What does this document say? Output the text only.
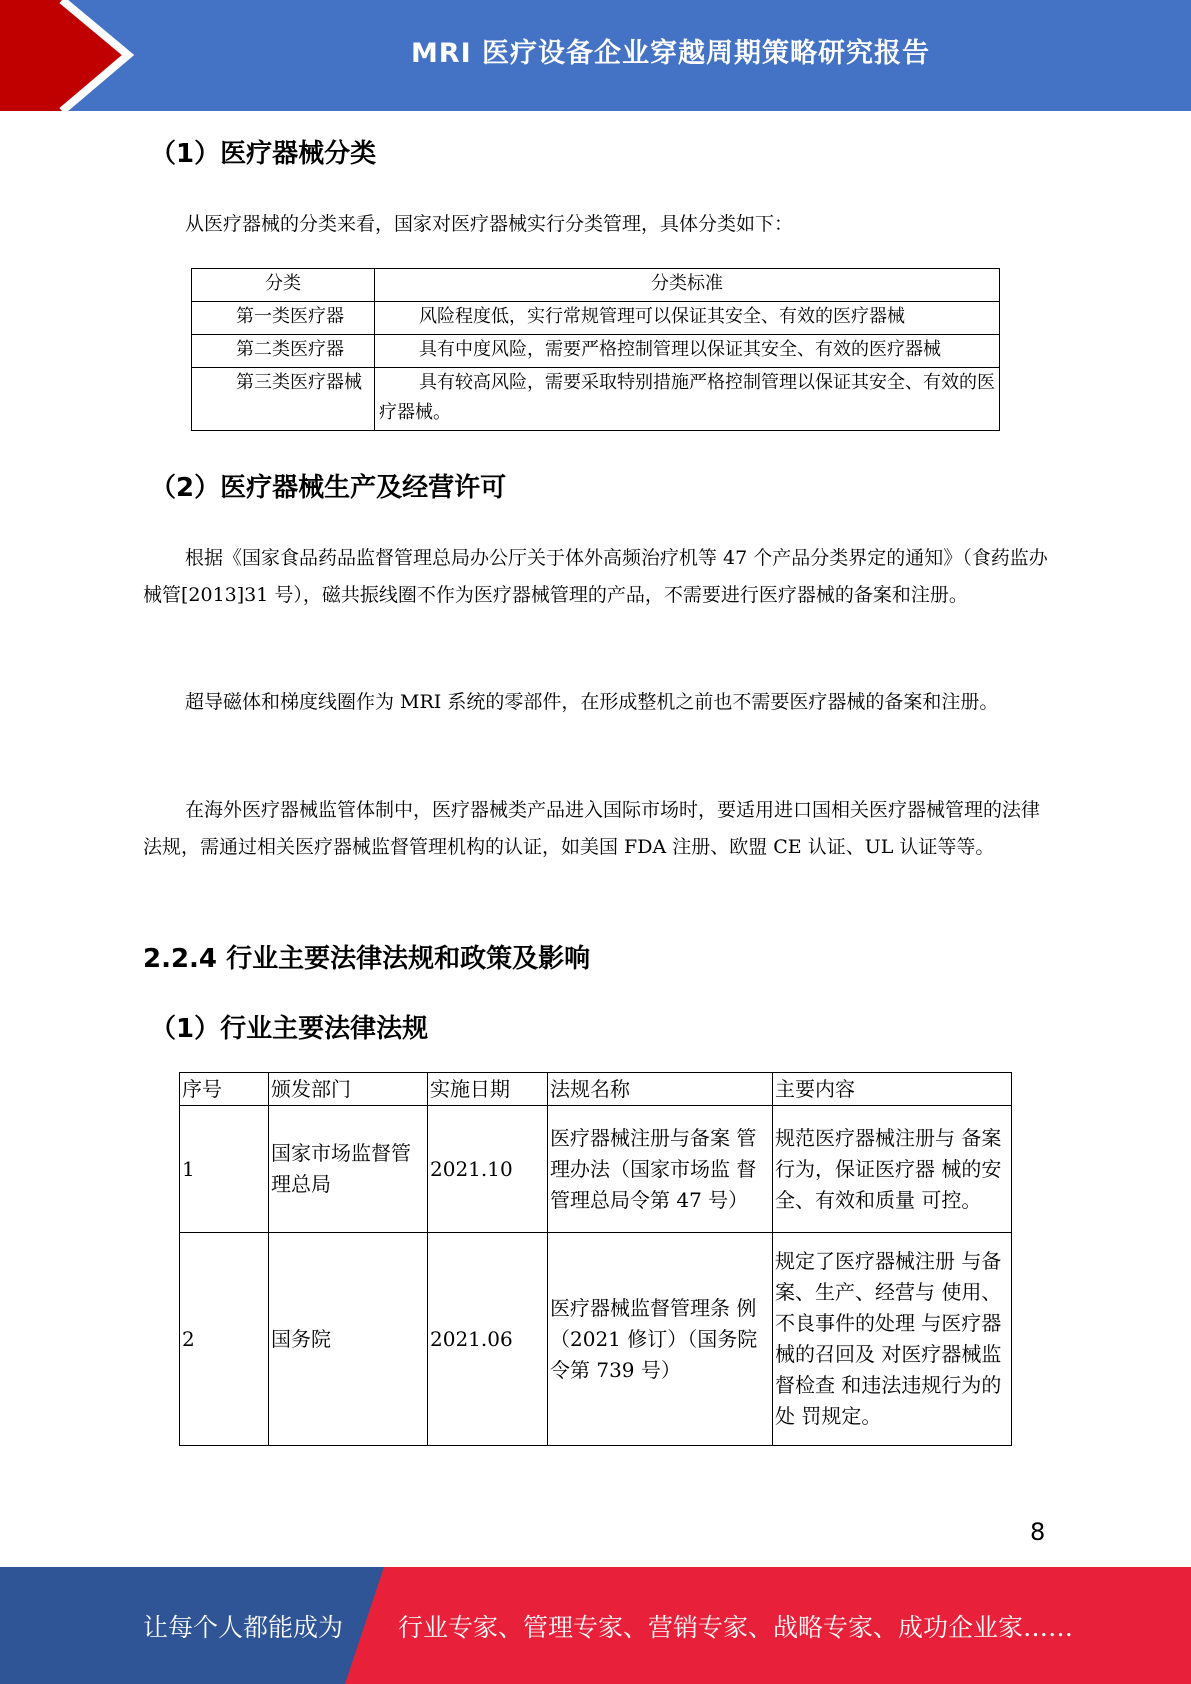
MRI 医疗设备企业穿越周期策略研究报告
（1）医疗器械分类
从医疗器械的分类来看，国家对医疗器械实行分类管理，具体分类如下：
分类	分类标准
第一类医疗器	风险程度低，实行常规管理可以保证其安全、有效的医疗器械
第二类医疗器	具有中度风险，需要严格控制管理以保证其安全、有效的医疗器械
第三类医疗器械	具有较高风险，需要采取特别措施严格控制管理以保证其安全、有效的医疗器械。
（2）医疗器械生产及经营许可
根据《国家食品药品监督管理总局办公厅关于体外高频治疗机等 47 个产品分类界定的通知》（食药监办械管[2013]31 号），磁共振线圈不作为医疗器械管理的产品，不需要进行医疗器械的备案和注册。
超导磁体和梯度线圈作为 MRI 系统的零部件，在形成整机之前也不需要医疗器械的备案和注册。
在海外医疗器械监管体制中，医疗器械类产品进入国际市场时，要适用进口国相关医疗器械管理的法律法规，需通过相关医疗器械监督管理机构的认证，如美国 FDA 注册、欧盟 CE 认证、UL 认证等等。
2.2.4 行业主要法律法规和政策及影响
（1）行业主要法律法规
序号	颁发部门	实施日期	法规名称	主要内容
1	国家市场监督管理总局	2021.10	医疗器械注册与备案 管理办法（国家市场监 督管理总局令第 47 号）	规范医疗器械注册与 备案行为，保证医疗器 械的安全、有效和质量 可控。
2	国务院	2021.06	医疗器械监督管理条 例（2021 修订）（国务院令第 739 号）	规定了医疗器械注册 与备案、生产、经营与 使用、不良事件的处理 与医疗器械的召回及 对医疗器械监督检查 和违法违规行为的处 罚规定。
8
让每个人都能成为 行业专家、管理专家、营销专家、战略专家、成功企业家……
